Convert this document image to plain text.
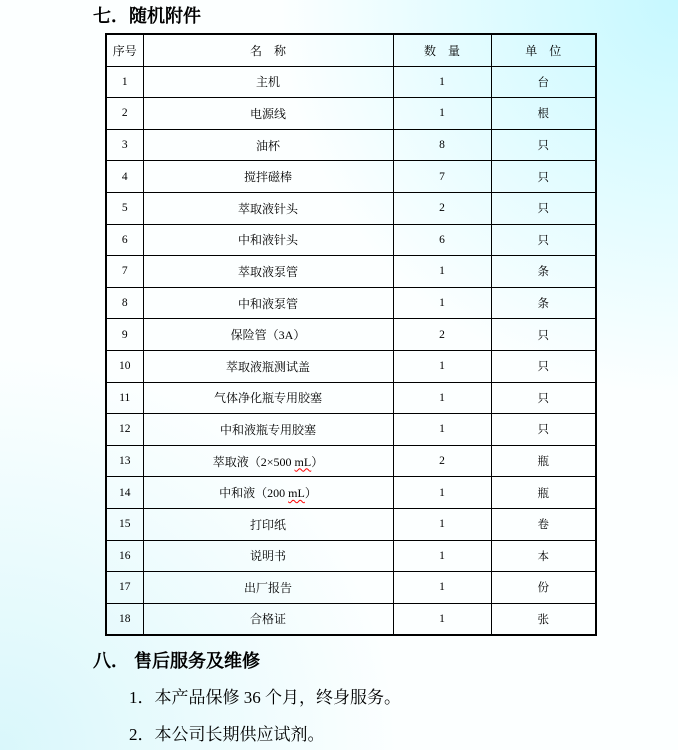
七．随机附件
序号	名　称	数　量	单　位
1	主机	1	台
2	电源线	1	根
3	油杯	8	只
4	搅拌磁棒	7	只
5	萃取液针头	2	只
6	中和液针头	6	只
7	萃取液泵管	1	条
8	中和液泵管	1	条
9	保险管（3A）	2	只
10	萃取液瓶测试盖	1	只
11	气体净化瓶专用胶塞	1	只
12	中和液瓶专用胶塞	1	只
13	萃取液（2×500 mL）	2	瓶
14	中和液（200 mL）	1	瓶
15	打印纸	1	卷
16	说明书	1	本
17	出厂报告	1	份
18	合格证	1	张
八． 售后服务及维修
1．本产品保修 36 个月，终身服务。
2．本公司长期供应试剂。
